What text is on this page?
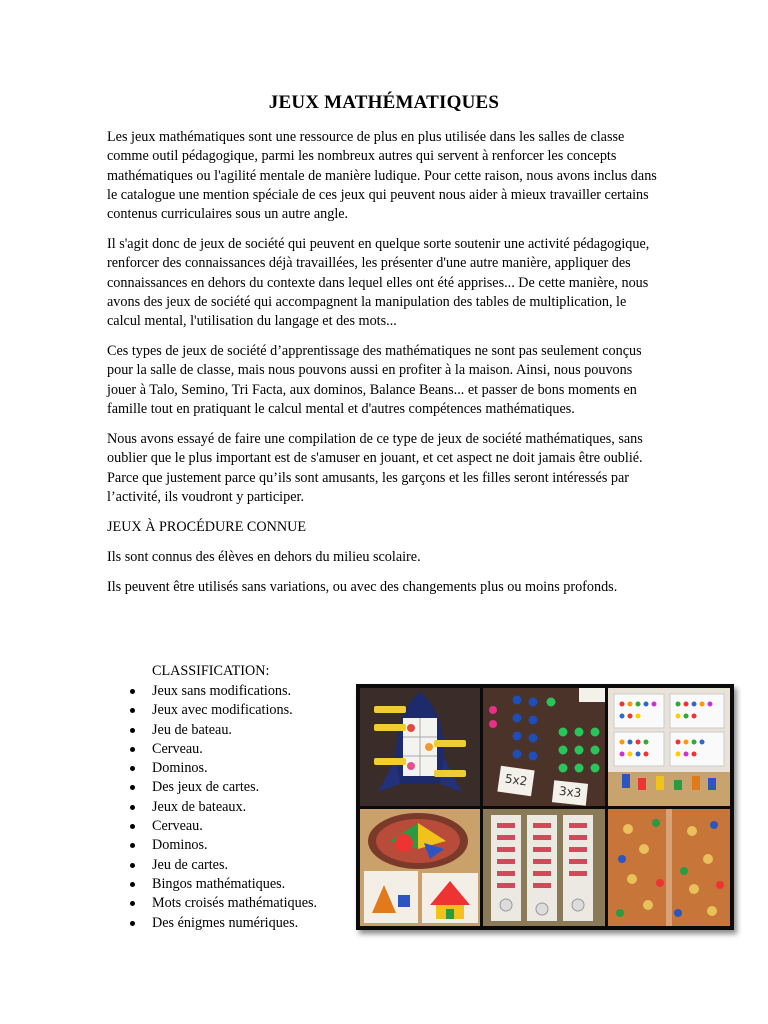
JEUX MATHÉMATIQUES

Les jeux mathématiques sont une ressource de plus en plus utilisée dans les salles de classe comme outil pédagogique, parmi les nombreux autres qui servent à renforcer les concepts mathématiques ou l'agilité mentale de manière ludique. Pour cette raison, nous avons inclus dans le catalogue une mention spéciale de ces jeux qui peuvent nous aider à mieux travailler certains contenus curriculaires sous un autre angle.

Il s'agit donc de jeux de société qui peuvent en quelque sorte soutenir une activité pédagogique, renforcer des connaissances déjà travaillées, les présenter d'une autre manière, appliquer des connaissances en dehors du contexte dans lequel elles ont été apprises... De cette manière, nous avons des jeux de société qui accompagnent la manipulation des tables de multiplication, le calcul mental, l'utilisation du langage et des mots...

Ces types de jeux de société d’apprentissage des mathématiques ne sont pas seulement conçus pour la salle de classe, mais nous pouvons aussi en profiter à la maison. Ainsi, nous pouvons jouer à Talo, Semino, Tri Facta, aux dominos, Balance Beans... et passer de bons moments en famille tout en pratiquant le calcul mental et d'autres compétences mathématiques.

Nous avons essayé de faire une compilation de ce type de jeux de société mathématiques, sans oublier que le plus important est de s'amuser en jouant, et cet aspect ne doit jamais être oublié. Parce que justement parce qu’ils sont amusants, les garçons et les filles seront intéressés par l’activité, ils voudront y participer.

JEUX À PROCÉDURE CONNUE

Ils sont connus des élèves en dehors du milieu scolaire.

Ils peuvent être utilisés sans variations, ou avec des changements plus ou moins profonds.

CLASSIFICATION:
Jeux sans modifications.
Jeux avec modifications.
Jeu de bateau.
Cerveau.
Dominos.
Des jeux de cartes.
Jeux de bateaux.
Cerveau.
Dominos.
Jeu de cartes.
Bingos mathématiques.
Mots croisés mathématiques.
Des énigmes numériques.
5x2
3x3
